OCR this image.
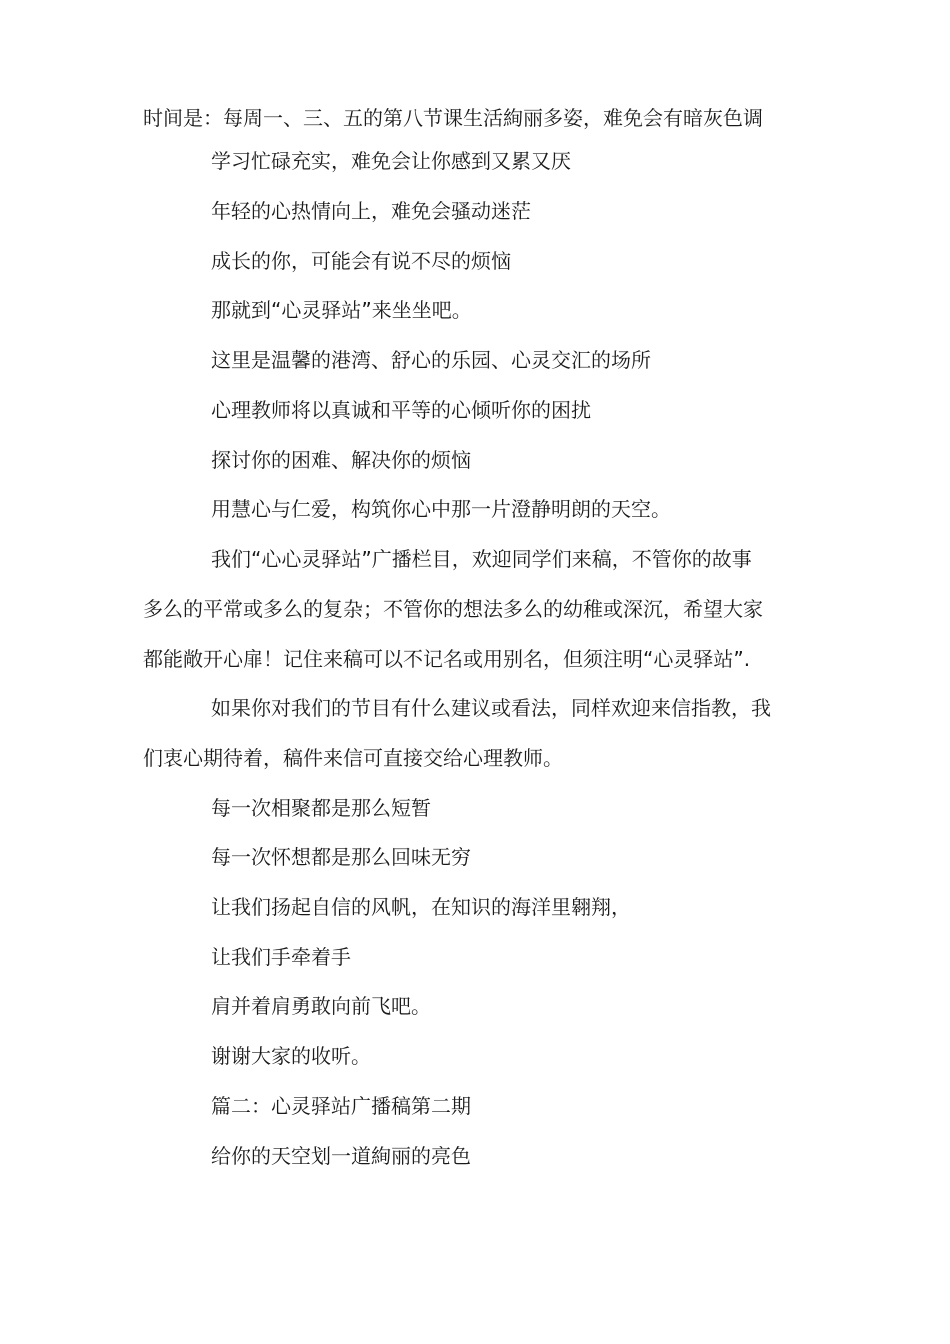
时间是：每周一、三、五的第八节课生活絢丽多姿，难免会有暗灰色调
学习忙碌充实，难免会让你感到又累又厌
年轻的心热情向上，难免会骚动迷茫
成长的你，可能会有说不尽的烦恼
那就到“心灵驿站”来坐坐吧。
这里是温馨的港湾、舒心的乐园、心灵交汇的场所
心理教师将以真诚和平等的心倾听你的困扰
探讨你的困难、解决你的烦恼
用慧心与仁爱，构筑你心中那一片澄静明朗的天空。
我们“心心灵驿站”广播栏目，欢迎同学们来稿，不管你的故事
多么的平常或多么的复杂；不管你的想法多么的幼稚或深沉，希望大家
都能敞开心扉！记住来稿可以不记名或用别名，但须注明“心灵驿站”.
如果你对我们的节目有什么建议或看法，同样欢迎来信指教，我
们衷心期待着，稿件来信可直接交给心理教师。
每一次相聚都是那么短暂
每一次怀想都是那么回味无穷
让我们扬起自信的风帆，在知识的海洋里翱翔，
让我们手牵着手
肩并着肩勇敢向前飞吧。
谢谢大家的收听。
篇二：心灵驿站广播稿第二期
给你的天空划一道絢丽的亮色
